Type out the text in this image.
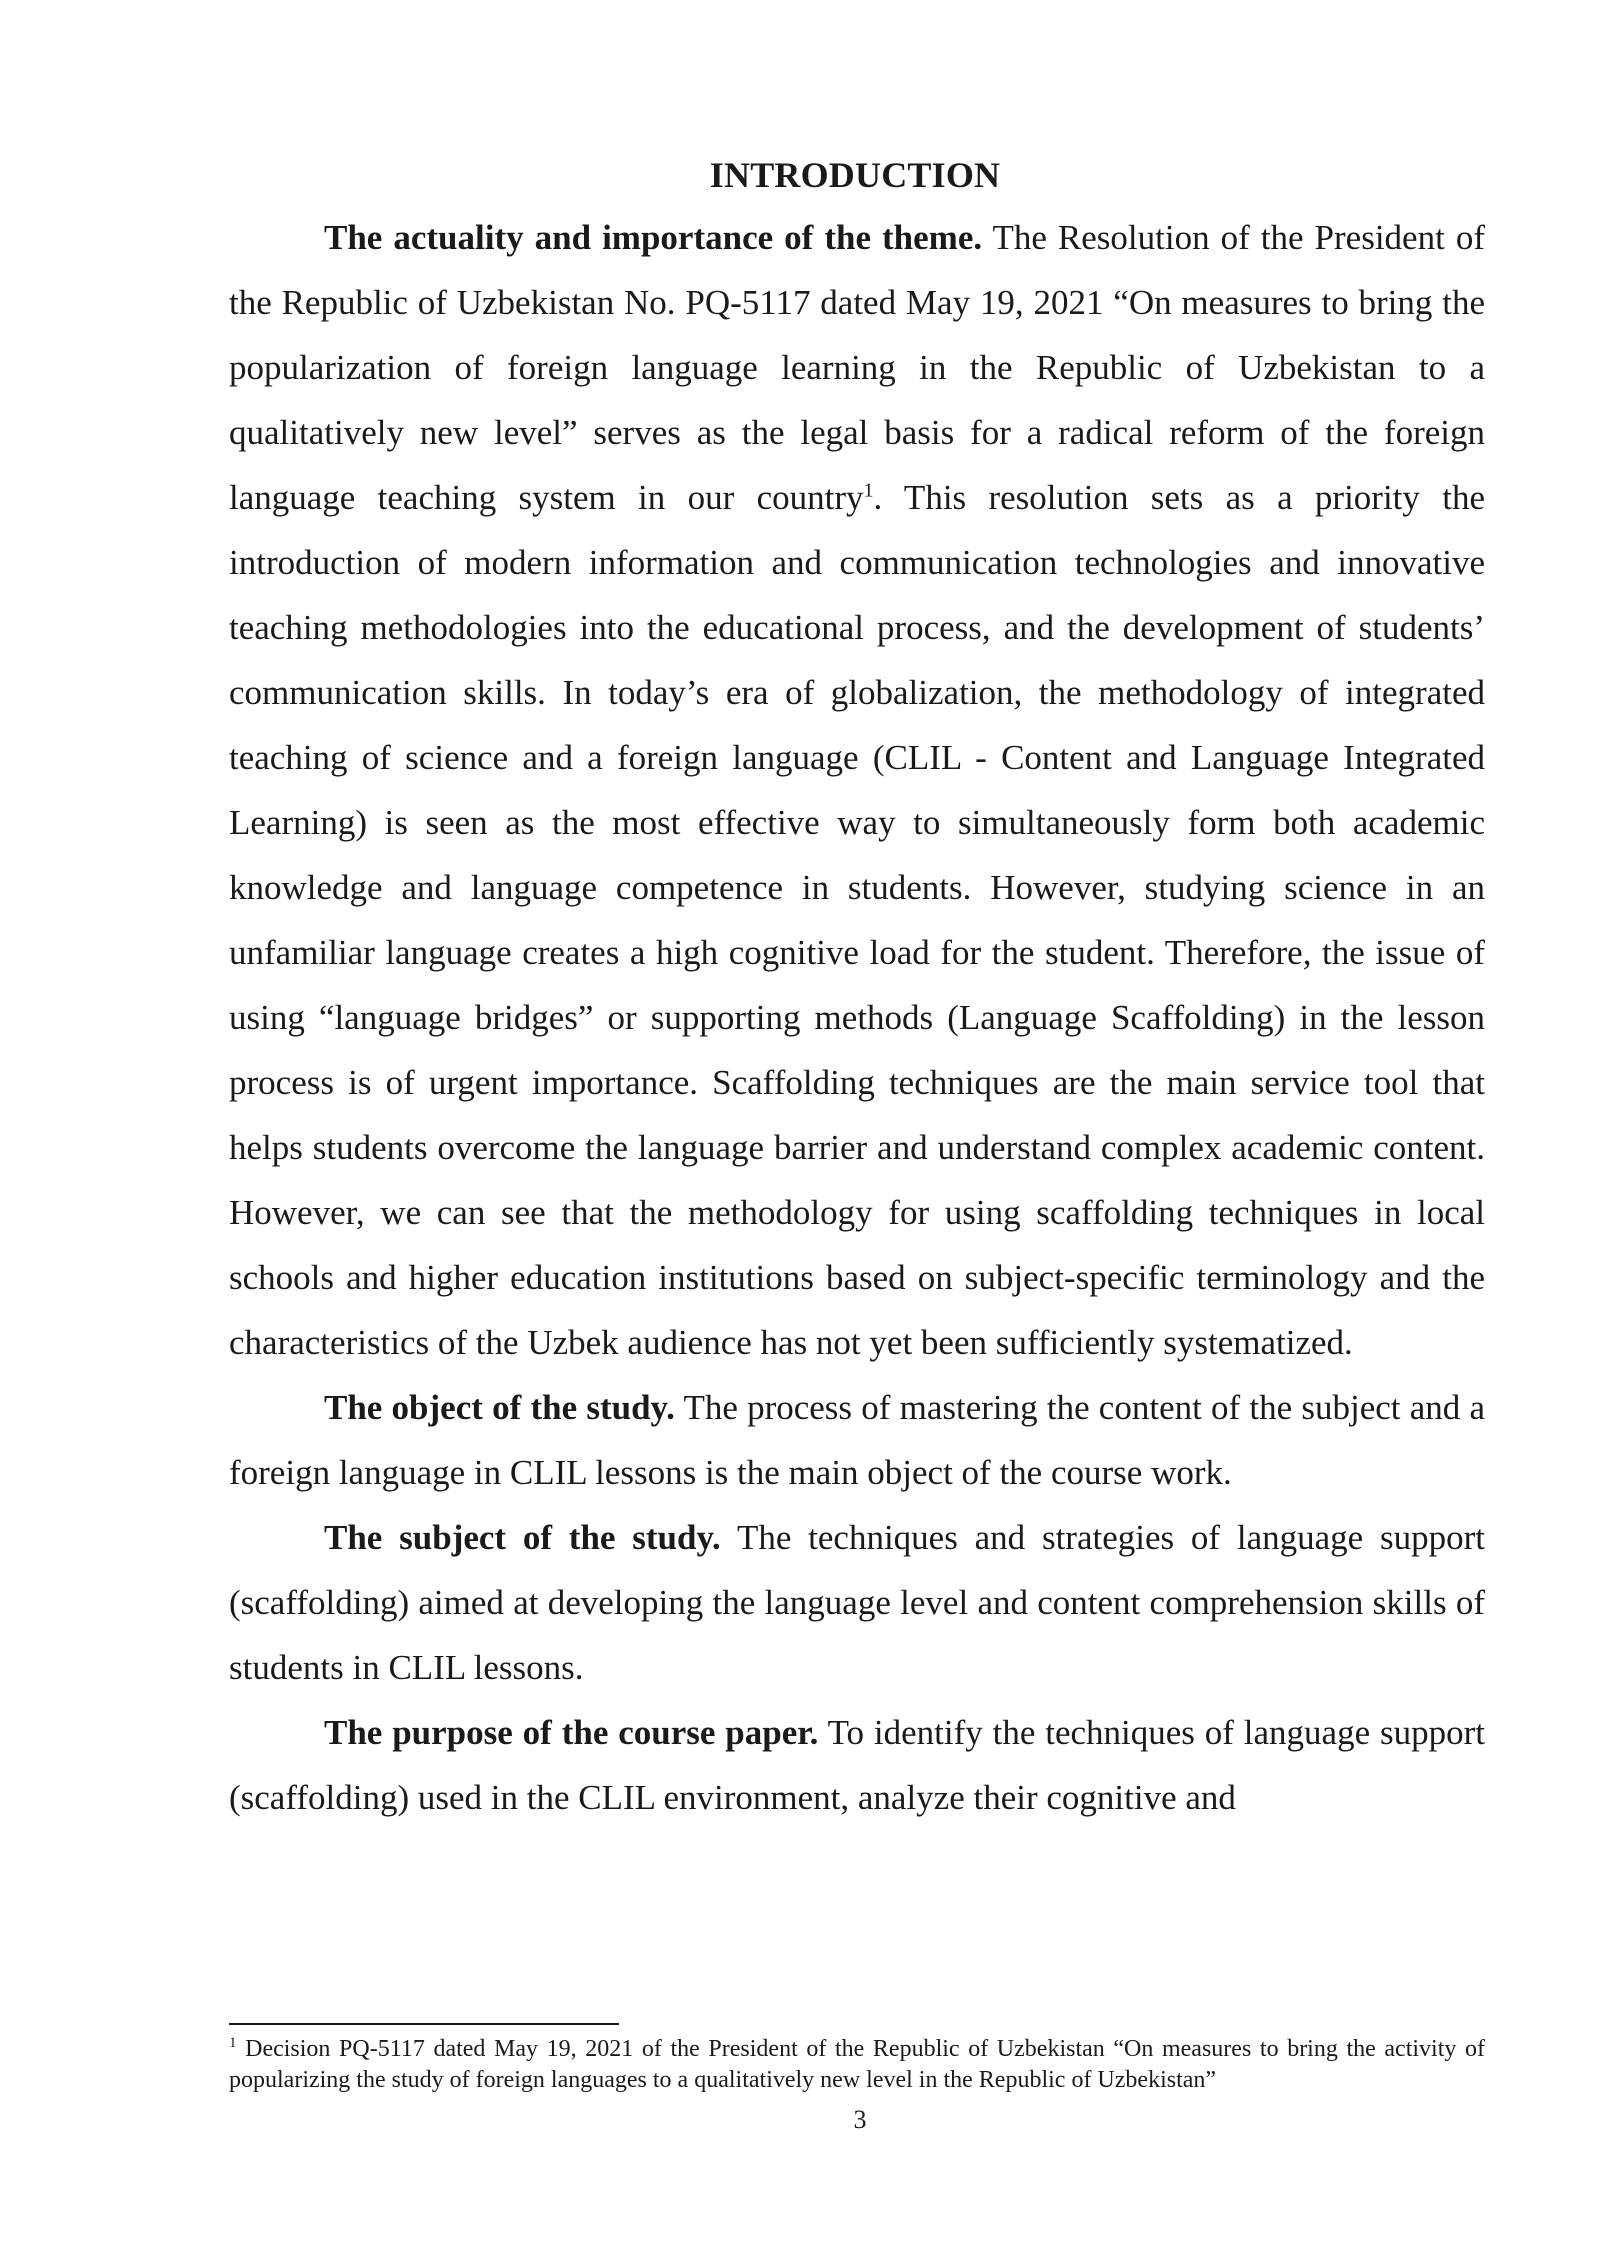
INTRODUCTION

The actuality and importance of the theme. The Resolution of the President of the Republic of Uzbekistan No. PQ-5117 dated May 19, 2021 “On measures to bring the popularization of foreign language learning in the Republic of Uzbekistan to a qualitatively new level” serves as the legal basis for a radical reform of the foreign language teaching system in our country$^1$. This resolution sets as a priority the introduction of modern information and communication technologies and innovative teaching methodologies into the educational process, and the development of students’ communication skills. In today’s era of globalization, the methodology of integrated teaching of science and a foreign language (CLIL - Content and Language Integrated Learning) is seen as the most effective way to simultaneously form both academic knowledge and language competence in students. However, studying science in an unfamiliar language creates a high cognitive load for the student. Therefore, the issue of using “language bridges” or supporting methods (Language Scaffolding) in the lesson process is of urgent importance. Scaffolding techniques are the main service tool that helps students overcome the language barrier and understand complex academic content. However, we can see that the methodology for using scaffolding techniques in local schools and higher education institutions based on subject-specific terminology and the characteristics of the Uzbek audience has not yet been sufficiently systematized.

The object of the study. The process of mastering the content of the subject and a foreign language in CLIL lessons is the main object of the course work.

The subject of the study. The techniques and strategies of language support (scaffolding) aimed at developing the language level and content comprehension skills of students in CLIL lessons.

The purpose of the course paper. To identify the techniques of language support (scaffolding) used in the CLIL environment, analyze their cognitive and

$^1$ Decision PQ-5117 dated May 19, 2021 of the President of the Republic of Uzbekistan “On measures to bring the activity of popularizing the study of foreign languages to a qualitatively new level in the Republic of Uzbekistan”
3
